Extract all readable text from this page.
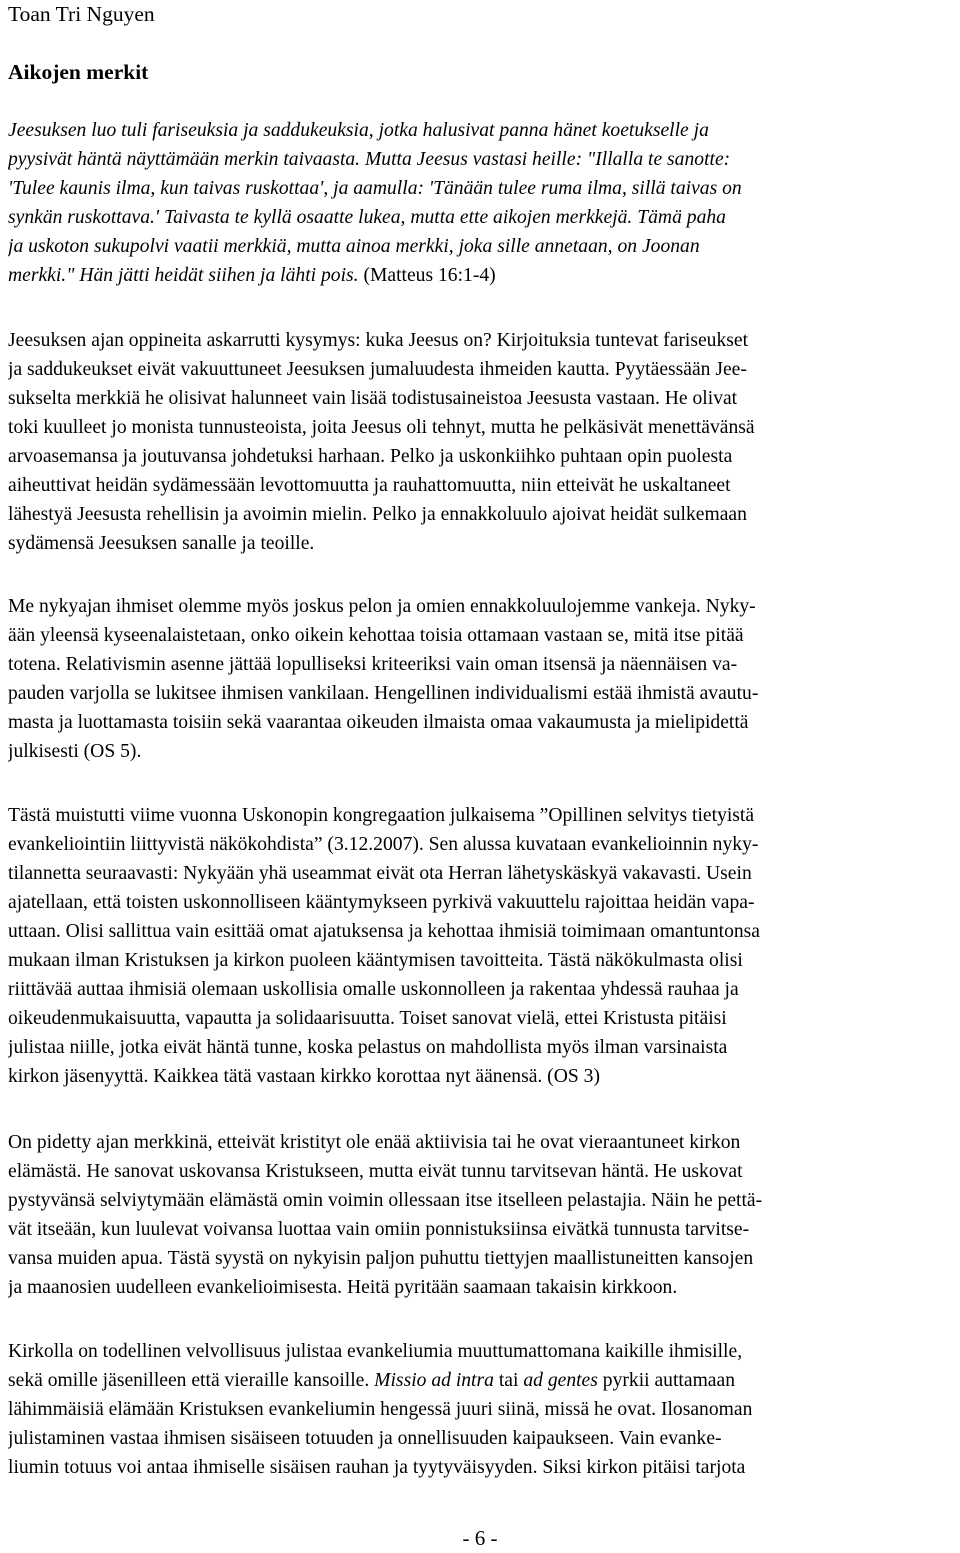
Toan Tri Nguyen
Aikojen merkit
Jeesuksen luo tuli fariseuksia ja saddukeuksia, jotka halusivat panna hänet koetukselle ja
pyysivät häntä näyttämään merkin taivaasta. Mutta Jeesus vastasi heille: "Illalla te sanotte:
'Tulee kaunis ilma, kun taivas ruskottaa', ja aamulla: 'Tänään tulee ruma ilma, sillä taivas on
synkän ruskottava.' Taivasta te kyllä osaatte lukea, mutta ette aikojen merkkejä. Tämä paha
ja uskoton sukupolvi vaatii merkkiä, mutta ainoa merkki, joka sille annetaan, on Joonan
merkki." Hän jätti heidät siihen ja lähti pois. (Matteus 16:1-4)
Jeesuksen ajan oppineita askarrutti kysymys: kuka Jeesus on? Kirjoituksia tuntevat fariseukset
ja saddukeukset eivät vakuuttuneet Jeesuksen jumaluudesta ihmeiden kautta. Pyytäessään Jee-
sukselta merkkiä he olisivat halunneet vain lisää todistusaineistoa Jeesusta vastaan. He olivat
toki kuulleet jo monista tunnusteoista, joita Jeesus oli tehnyt, mutta he pelkäsivät menettävänsä
arvoasemansa ja joutuvansa johdetuksi harhaan. Pelko ja uskonkiihko puhtaan opin puolesta
aiheuttivat heidän sydämessään levottomuutta ja rauhattomuutta, niin etteivät he uskaltaneet
lähestyä Jeesusta rehellisin ja avoimin mielin. Pelko ja ennakkoluulo ajoivat heidät sulkemaan
sydämensä Jeesuksen sanalle ja teoille.
Me nykyajan ihmiset olemme myös joskus pelon ja omien ennakkoluulojemme vankeja. Nyky-
ään yleensä kyseenalaistetaan, onko oikein kehottaa toisia ottamaan vastaan se, mitä itse pitää
totena. Relativismin asenne jättää lopulliseksi kriteeriksi vain oman itsensä ja näennäisen va-
pauden varjolla se lukitsee ihmisen vankilaan. Hengellinen individualismi estää ihmistä avautu-
masta ja luottamasta toisiin sekä vaarantaa oikeuden ilmaista omaa vakaumusta ja mielipidettä
julkisesti (OS 5).
Tästä muistutti viime vuonna Uskonopin kongregaation julkaisema ”Opillinen selvitys tietyistä
evankeliointiin liittyvistä näkökohdista” (3.12.2007). Sen alussa kuvataan evankelioinnin nyky-
tilannetta seuraavasti: Nykyään yhä useammat eivät ota Herran lähetyskäskyä vakavasti. Usein
ajatellaan, että toisten uskonnolliseen kääntymykseen pyrkivä vakuuttelu rajoittaa heidän vapa-
uttaan. Olisi sallittua vain esittää omat ajatuksensa ja kehottaa ihmisiä toimimaan omantuntonsa
mukaan ilman Kristuksen ja kirkon puoleen kääntymisen tavoitteita. Tästä näkökulmasta olisi
riittävää auttaa ihmisiä olemaan uskollisia omalle uskonnolleen ja rakentaa yhdessä rauhaa ja
oikeudenmukaisuutta, vapautta ja solidaarisuutta. Toiset sanovat vielä, ettei Kristusta pitäisi
julistaa niille, jotka eivät häntä tunne, koska pelastus on mahdollista myös ilman varsinaista
kirkon jäsenyyttä. Kaikkea tätä vastaan kirkko korottaa nyt äänensä. (OS 3)
On pidetty ajan merkkinä, etteivät kristityt ole enää aktiivisia tai he ovat vieraantuneet kirkon
elämästä. He sanovat uskovansa Kristukseen, mutta eivät tunnu tarvitsevan häntä. He uskovat
pystyvänsä selviytymään elämästä omin voimin ollessaan itse itselleen pelastajia. Näin he pettä-
vät itseään, kun luulevat voivansa luottaa vain omiin ponnistuksiinsa eivätkä tunnusta tarvitse-
vansa muiden apua. Tästä syystä on nykyisin paljon puhuttu tiettyjen maallistuneitten kansojen
ja maanosien uudelleen evankelioimisesta. Heitä pyritään saamaan takaisin kirkkoon.
Kirkolla on todellinen velvollisuus julistaa evankeliumia muuttumattomana kaikille ihmisille,
sekä omille jäsenilleen että vieraille kansoille. Missio ad intra tai ad gentes pyrkii auttamaan
lähimmäisiä elämään Kristuksen evankeliumin hengessä juuri siinä, missä he ovat. Ilosanoman
julistaminen vastaa ihmisen sisäiseen totuuden ja onnellisuuden kaipaukseen. Vain evanke-
liumin totuus voi antaa ihmiselle sisäisen rauhan ja tyytyväisyyden. Siksi kirkon pitäisi tarjota
- 6 -
